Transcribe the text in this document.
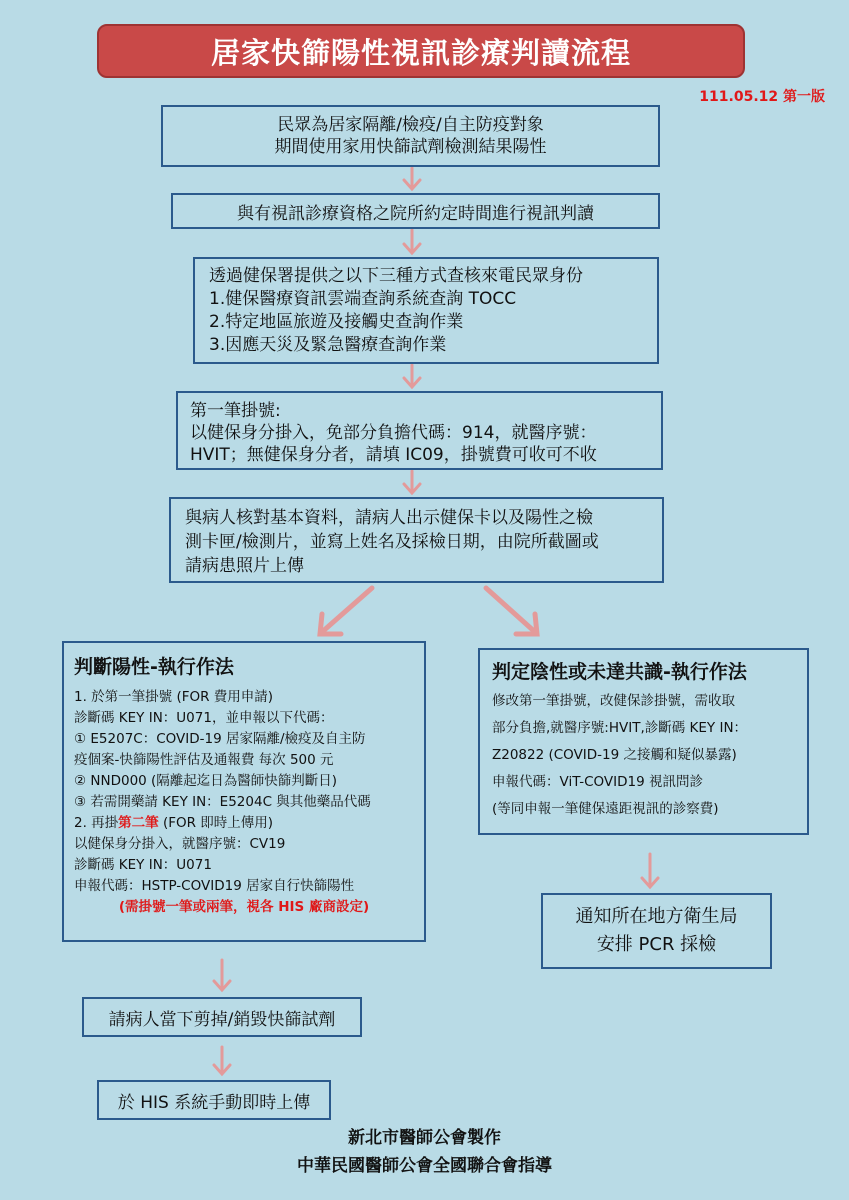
居家快篩陽性視訊診療判讀流程
111.05.12 第一版
民眾為居家隔離/檢疫/自主防疫對象
期間使用家用快篩試劑檢測結果陽性
與有視訊診療資格之院所約定時間進行視訊判讀
透過健保署提供之以下三種方式查核來電民眾身份
1.健保醫療資訊雲端查詢系統查詢 TOCC
2.特定地區旅遊及接觸史查詢作業
3.因應天災及緊急醫療查詢作業
第一筆掛號:
以健保身分掛入，免部分負擔代碼：914，就醫序號：
HVIT；無健保身分者，請填 IC09，掛號費可收可不收
與病人核對基本資料，請病人出示健保卡以及陽性之檢
測卡匣/檢測片，並寫上姓名及採檢日期，由院所截圖或
請病患照片上傳
判斷陽性-執行作法
1. 於第一筆掛號 (FOR 費用申請)
診斷碼 KEY IN：U071，並申報以下代碼：
① E5207C：COVID-19 居家隔離/檢疫及自主防
疫個案-快篩陽性評估及通報費 每次 500 元
② NND000 (隔離起迄日為醫師快篩判斷日)
③ 若需開藥請 KEY IN：E5204C 與其他藥品代碼
2. 再掛第二筆 (FOR 即時上傳用)
以健保身分掛入，就醫序號：CV19
診斷碼 KEY IN：U071
申報代碼：HSTP-COVID19 居家自行快篩陽性
(需掛號一筆或兩筆，視各 HIS 廠商設定)
判定陰性或未達共識-執行作法
修改第一筆掛號，改健保診掛號，需收取
部分負擔,就醫序號:HVIT,診斷碼 KEY IN：
Z20822 (COVID-19 之接觸和疑似暴露)
申報代碼：ViT-COVID19 視訊問診
(等同申報一筆健保遠距視訊的診察費)
通知所在地方衛生局
安排 PCR 採檢
請病人當下剪掉/銷毀快篩試劑
於 HIS 系統手動即時上傳
新北市醫師公會製作
中華民國醫師公會全國聯合會指導
